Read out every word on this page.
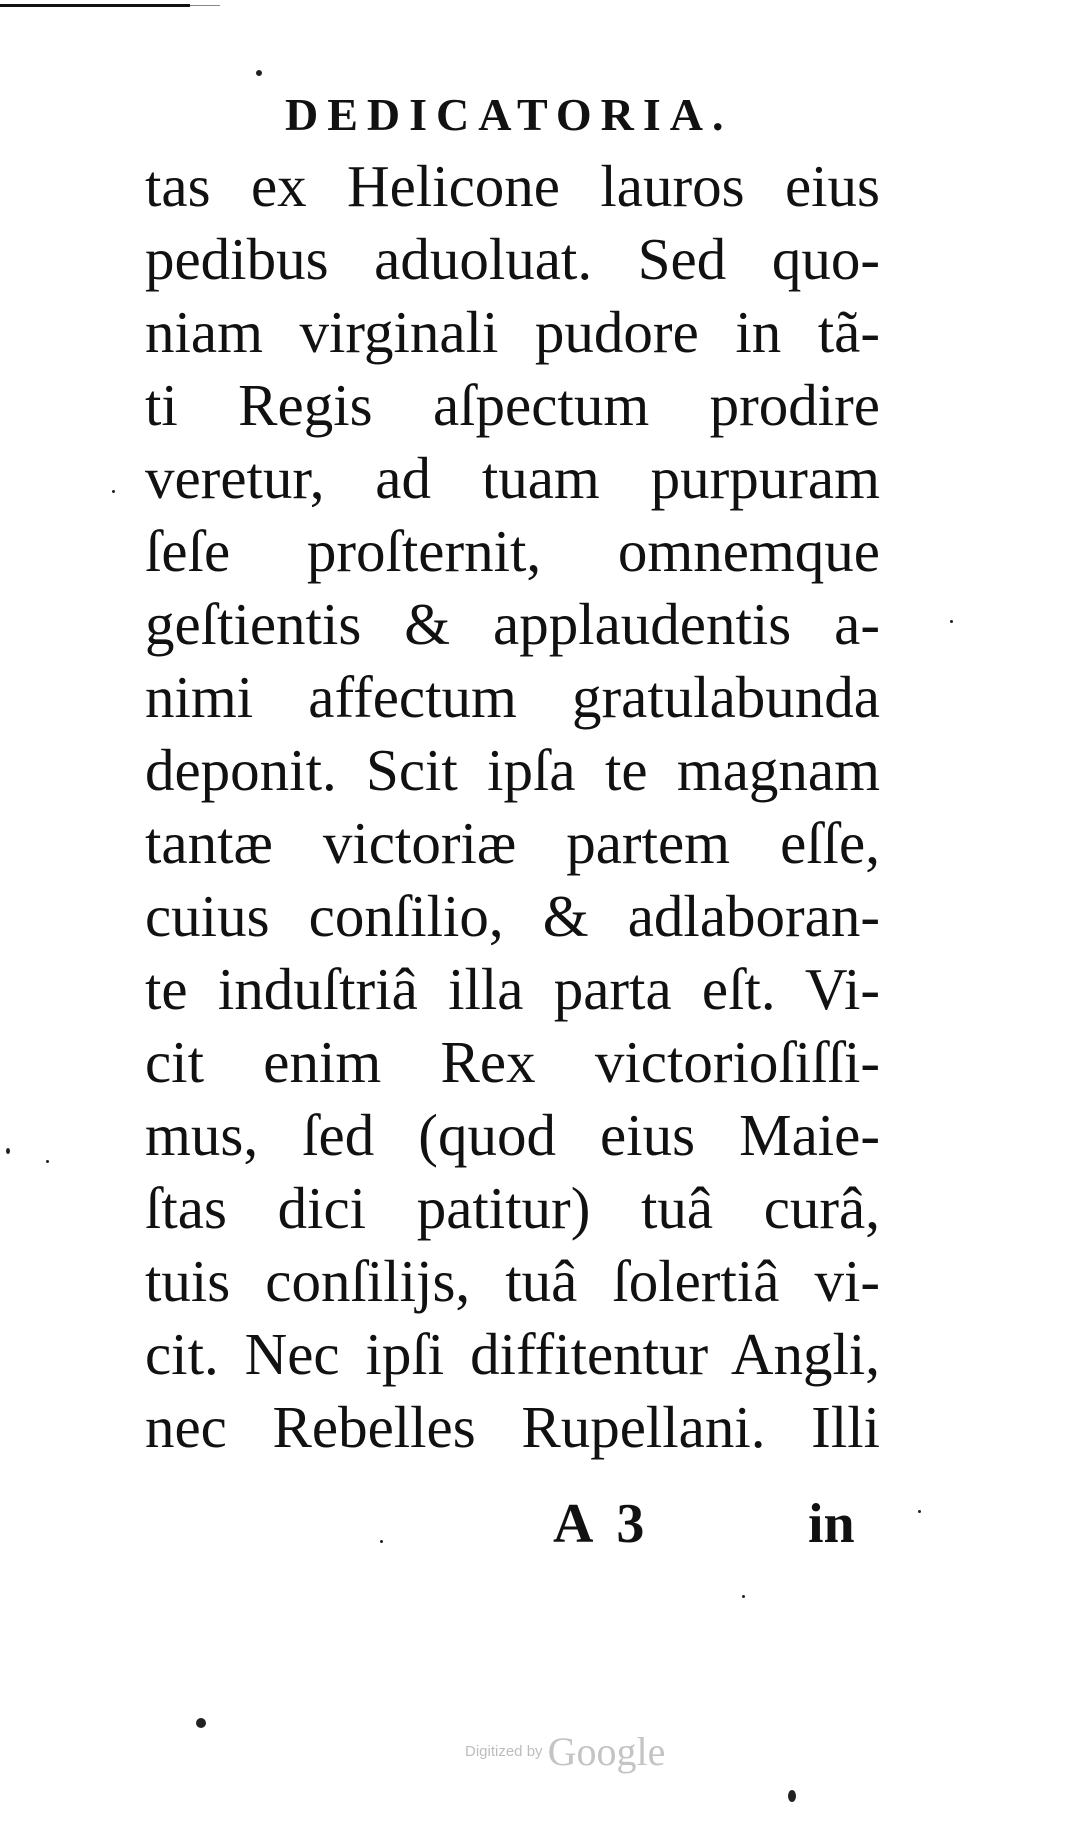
DEDICATORIA.
tas ex Helicone lauros eius
pedibus aduoluat. Sed quo-
niam virginali pudore in tã-
ti Regis aſpectum prodire
veretur, ad tuam purpuram
ſeſe proſternit, omnemque
geſtientis & applaudentis a-
nimi affectum gratulabunda
deponit. Scit ipſa te magnam
tantæ victoriæ partem eſſe,
cuius conſilio, & adlaboran-
te induſtriâ illa parta eſt. Vi-
cit enim Rex victorioſiſſi-
mus, ſed (quod eius Maie-
ſtas dici patitur) tuâ curâ,
tuis conſilijs, tuâ ſolertiâ vi-
cit. Nec ipſi diffitentur Angli,
nec Rebelles Rupellani. Illi
A 3	in
Digitized by Google
